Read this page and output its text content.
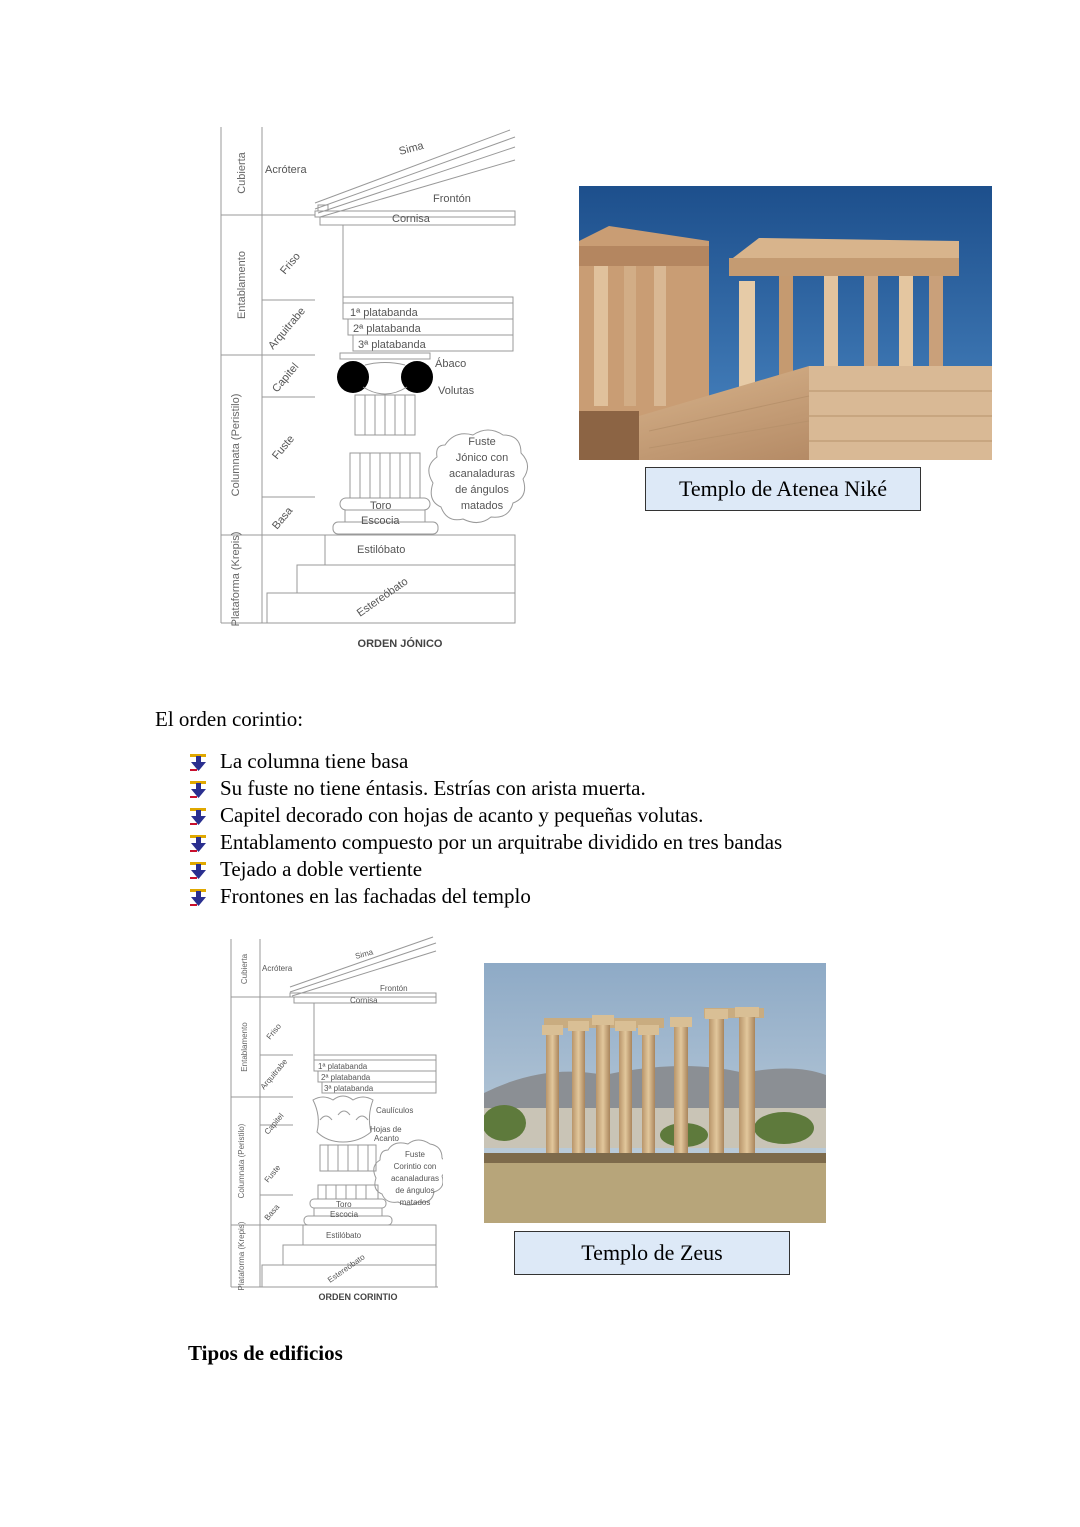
Cubierta
Entablamento
Columnata (Peristilo)
Plataforma (Krepis)
Acrótera
Sima
Frontón
Cornisa
Friso
Arquitrabe	1ª platabanda
2ª platabanda
3ª platabanda
Capitel	Ábaco
Volutas
Fuste
Basa	Toro
Escocia
Estilóbato
Estereóbato
Fuste
Jónico con
acanaladuras
de ángulos
matados
ORDEN JÓNICO
Templo de Atenea Niké
El orden corintio:
La columna tiene basa
Su fuste no tiene éntasis. Estrías con arista muerta.
Capitel decorado con hojas de acanto y pequeñas volutas.
Entablamento compuesto por un arquitrabe dividido en tres bandas
Tejado a doble vertiente
Frontones en las fachadas del templo
Cubierta
Entablamento
Columnata (Peristilo)
Plataforma (Krepis)
Acrótera
Sima
Frontón
Cornisa
Friso
Arquitrabe	1ª platabanda
2ª platabanda
3ª platabanda
Capitel
Caulículos
Hojas de
Acanto
Fuste
Basa	Toro
Escocia
Estilóbato
Estereóbato
Fuste
Corintio con
acanaladuras
de ángulos
matados
ORDEN CORINTIO
Templo de Zeus
Tipos de edificios
